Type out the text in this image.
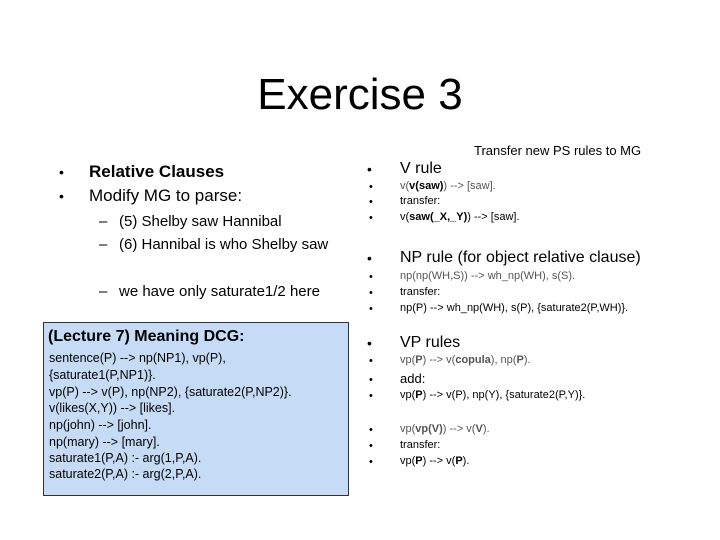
Exercise 3
Transfer new PS rules to MG
• Relative Clauses
• Modify MG to parse:
– (5) Shelby saw Hannibal
– (6) Hannibal is who Shelby saw
– we have only saturate1/2 here
(Lecture 7) Meaning DCG:
sentence(P) --> np(NP1), vp(P),
{saturate1(P,NP1)}.
vp(P) --> v(P), np(NP2), {saturate2(P,NP2)}.
v(likes(X,Y)) --> [likes].
np(john) --> [john].
np(mary) --> [mary].
saturate1(P,A) :- arg(1,P,A).
saturate2(P,A) :- arg(2,P,A).
• V rule
• v(v(saw)) --> [saw].
• transfer:
• v(saw(_X,_Y)) --> [saw].
• NP rule (for object relative clause)
• np(np(WH,S)) --> wh_np(WH), s(S).
• transfer:
• np(P) --> wh_np(WH), s(P), {saturate2(P,WH)}.
• VP rules
• vp(P) --> v(copula), np(P).
• add:
• vp(P) --> v(P), np(Y), {saturate2(P,Y)}.
• vp(vp(V)) --> v(V).
• transfer:
• vp(P) --> v(P).
